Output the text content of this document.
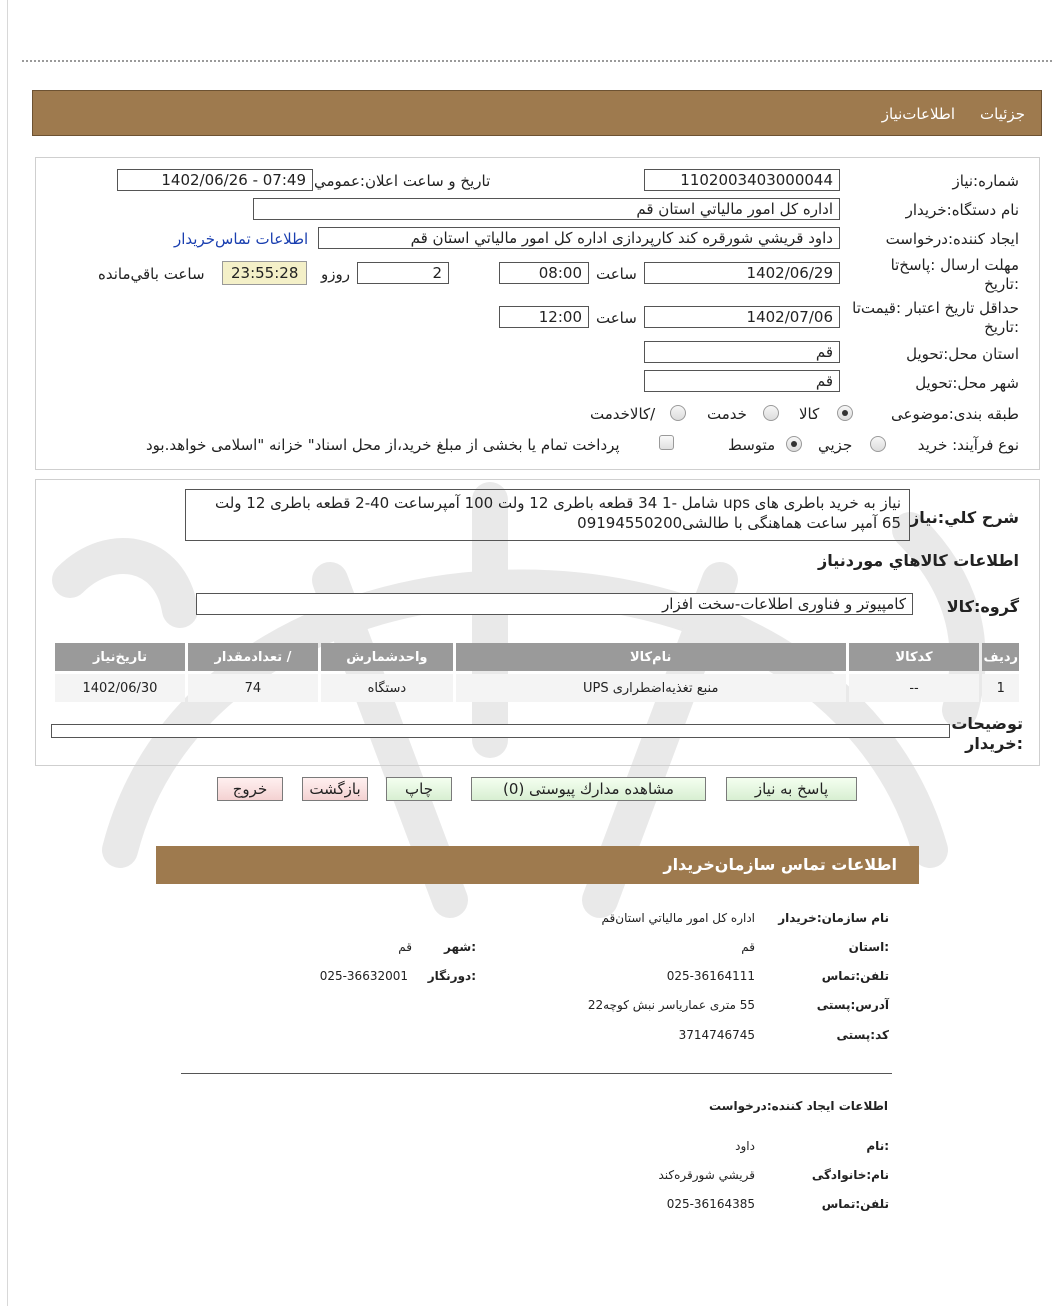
جزئیات
اطلاعات‌نیاز
شماره:نیاز
1102003403000044
تاريخ و ساعت اعلان:عمومي
1402/06/26 - 07:49
نام دستگاه:خريدار
اداره كل امور مالياتي استان قم
ايجاد كننده:درخواست
داود قريشي شورقره كند كارپردازی اداره کل امور مالياتي استان قم
اطلاعات تماس‌خريدار
مهلت ارسال :پاسخ‌تا
:تاريخ
1402/06/29
ساعت
08:00
2
روزو
23:55:28
ساعت باقي‌مانده
حداقل تاريخ اعتبار :قيمت‌تا
:تاريخ
1402/07/06
ساعت
12:00
استان محل:تحويل
قم
شهر محل:تحويل
قم
طبقه بندی:موضوعی
كالا
خدمت
/كالاخدمت
نوع فرآيند: خريد
جزيي
متوسط
پرداخت تمام يا بخشی از مبلغ خريد،از محل اسناد" خزانه "اسلامی خواهد.بود
شرح کلي:نياز
نیاز به خرید باطری های ups شامل -1 34 قطعه باطری 12 ولت 100 آمپرساعت 40-2 قطعه باطری 12 ولت 65 آمپر ساعت هماهنگی با طالشی09194550200
اطلاعات کالاهاي موردنياز
گروه:کالا
کامپيوتر و فناوری اطلاعات-سخت افزار
رديف	كدكالا	نام‌كالا	واحدشمارش	/ تعدادمقدار	تاريخ‌نياز
1	--	منبع تغذيه‌اضطراری UPS	دستگاه	74	1402/06/30
توضيحات
:خريدار
پاسخ به نياز
مشاهده مدارك پيوستی (0)
چاپ
بازگشت
خروج
اطلاعات تماس سازمان‌خريدار
نام سازمان:خريدار
اداره كل امور مالياتي استان‌قم
:استان
قم
:شهر
قم
تلفن:تماس
025-36164111
:دورنگار
025-36632001
آدرس:پستی
55 متری عمارياسر نبش كوچه22
كد:پستی
3714746745
اطلاعات ايجاد كننده:درخواست
:نام
داود
نام:خانوادگی
قريشي شورقره‌كند
تلفن:تماس
025-36164385
